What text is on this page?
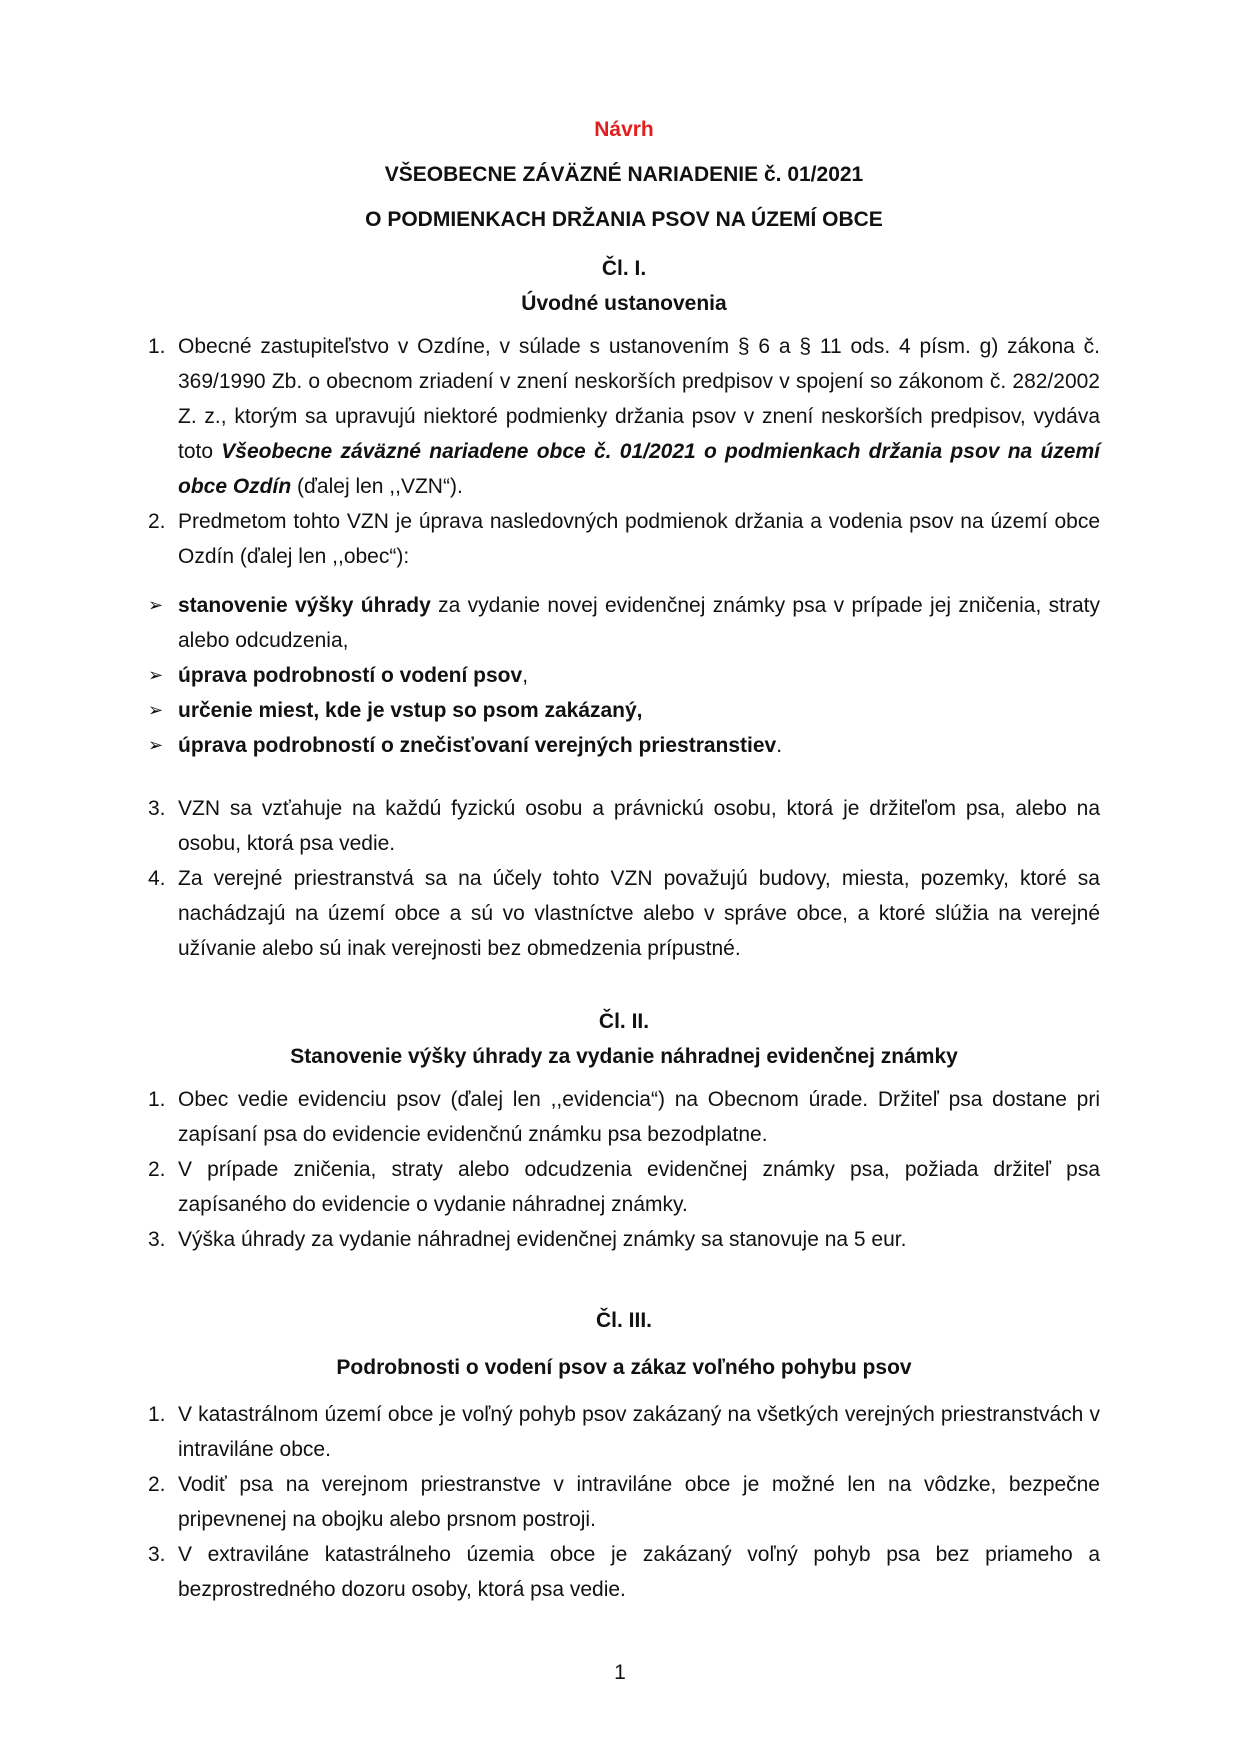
Návrh
VŠEOBECNE ZÁVÄZNÉ NARIADENIE č. 01/2021
O PODMIENKACH DRŽANIA PSOV NA ÚZEMÍ OBCE
Čl. I.
Úvodné ustanovenia
1. Obecné zastupiteľstvo v Ozdíne, v súlade s ustanovením § 6 a § 11 ods. 4 písm. g) zákona č. 369/1990 Zb. o obecnom zriadení v znení neskorších predpisov v spojení so zákonom č. 282/2002 Z. z., ktorým sa upravujú niektoré podmienky držania psov v znení neskorších predpisov, vydáva toto Všeobecne záväzné nariadene obce č. 01/2021 o podmienkach držania psov na území obce Ozdín (ďalej len ,,VZN“).
2. Predmetom tohto VZN je úprava nasledovných podmienok držania a vodenia psov na území obce Ozdín (ďalej len ,,obec“):
➢ stanovenie výšky úhrady za vydanie novej evidenčnej známky psa v prípade jej zničenia, straty alebo odcudzenia,
➢ úprava podrobností o vodení psov,
➢ určenie miest, kde je vstup so psom zakázaný,
➢ úprava podrobností o znečisťovaní verejných priestranstiev.
3. VZN sa vzťahuje na každú fyzickú osobu a právnickú osobu, ktorá je držiteľom psa, alebo na osobu, ktorá psa vedie.
4. Za verejné priestranstvá sa na účely tohto VZN považujú budovy, miesta, pozemky, ktoré sa nachádzajú na území obce a sú vo vlastníctve alebo v správe obce, a ktoré slúžia na verejné užívanie alebo sú inak verejnosti bez obmedzenia prípustné.
Čl. II.
Stanovenie výšky úhrady za vydanie náhradnej evidenčnej známky
1. Obec vedie evidenciu psov (ďalej len ,,evidencia“) na Obecnom úrade. Držiteľ psa dostane pri zapísaní psa do evidencie evidenčnú známku psa bezodplatne.
2. V prípade zničenia, straty alebo odcudzenia evidenčnej známky psa, požiada držiteľ psa zapísaného do evidencie o vydanie náhradnej známky.
3. Výška úhrady za vydanie náhradnej evidenčnej známky sa stanovuje na 5 eur.
Čl. III.
Podrobnosti o vodení psov a zákaz voľného pohybu psov
1. V katastrálnom území obce je voľný pohyb psov zakázaný na všetkých verejných priestranstvách v intraviláne obce.
2. Vodiť psa na verejnom priestranstve v intraviláne obce je možné len na vôdzke, bezpečne pripevnenej na obojku alebo prsnom postroji.
3. V extraviláne katastrálneho územia obce je zakázaný voľný pohyb psa bez priameho a bezprostredného dozoru osoby, ktorá psa vedie.
1
